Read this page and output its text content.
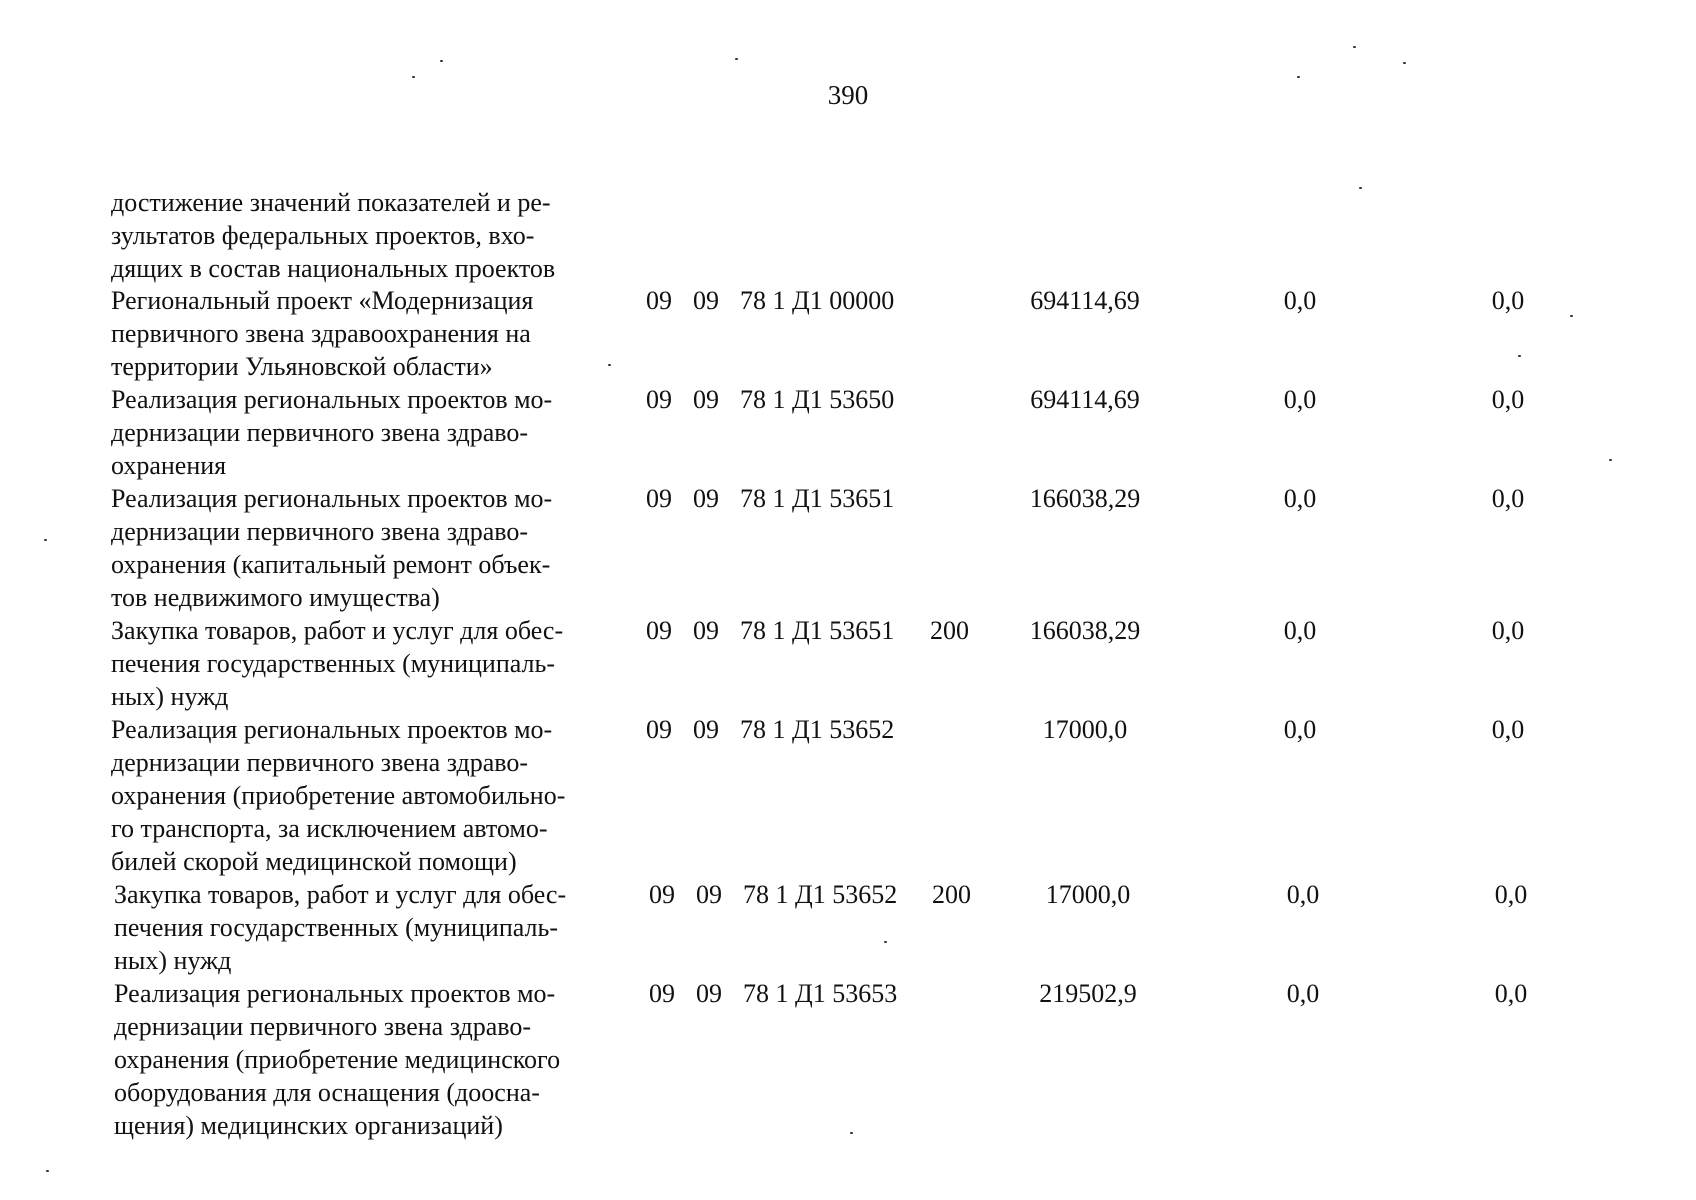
390
достижение значений показателей и ре-
зультатов федеральных проектов, вхо-
дящих в состав национальных проектов
Региональный проект «Модернизация
первичного звена здравоохранения на
территории Ульяновской области»
09 09 78 1 Д1 00000	694114,69	0,0	0,0
Реализация региональных проектов мо-
дернизации первичного звена здраво-
охранения
09 09 78 1 Д1 53650	694114,69	0,0	0,0
Реализация региональных проектов мо-
дернизации первичного звена здраво-
охранения (капитальный ремонт объек-
тов недвижимого имущества)
09 09 78 1 Д1 53651	166038,29	0,0	0,0
Закупка товаров, работ и услуг для обес-
печения государственных (муниципаль-
ных) нужд
09 09 78 1 Д1 53651 200	166038,29	0,0	0,0
Реализация региональных проектов мо-
дернизации первичного звена здраво-
охранения (приобретение автомобильно-
го транспорта, за исключением автомо-
билей скорой медицинской помощи)
09 09 78 1 Д1 53652	17000,0	0,0	0,0
Закупка товаров, работ и услуг для обес-
печения государственных (муниципаль-
ных) нужд
09 09 78 1 Д1 53652 200	17000,0	0,0	0,0
Реализация региональных проектов мо-
дернизации первичного звена здраво-
охранения (приобретение медицинского
оборудования для оснащения (дооcна-
щения) медицинских организаций)
09 09 78 1 Д1 53653	219502,9	0,0	0,0
